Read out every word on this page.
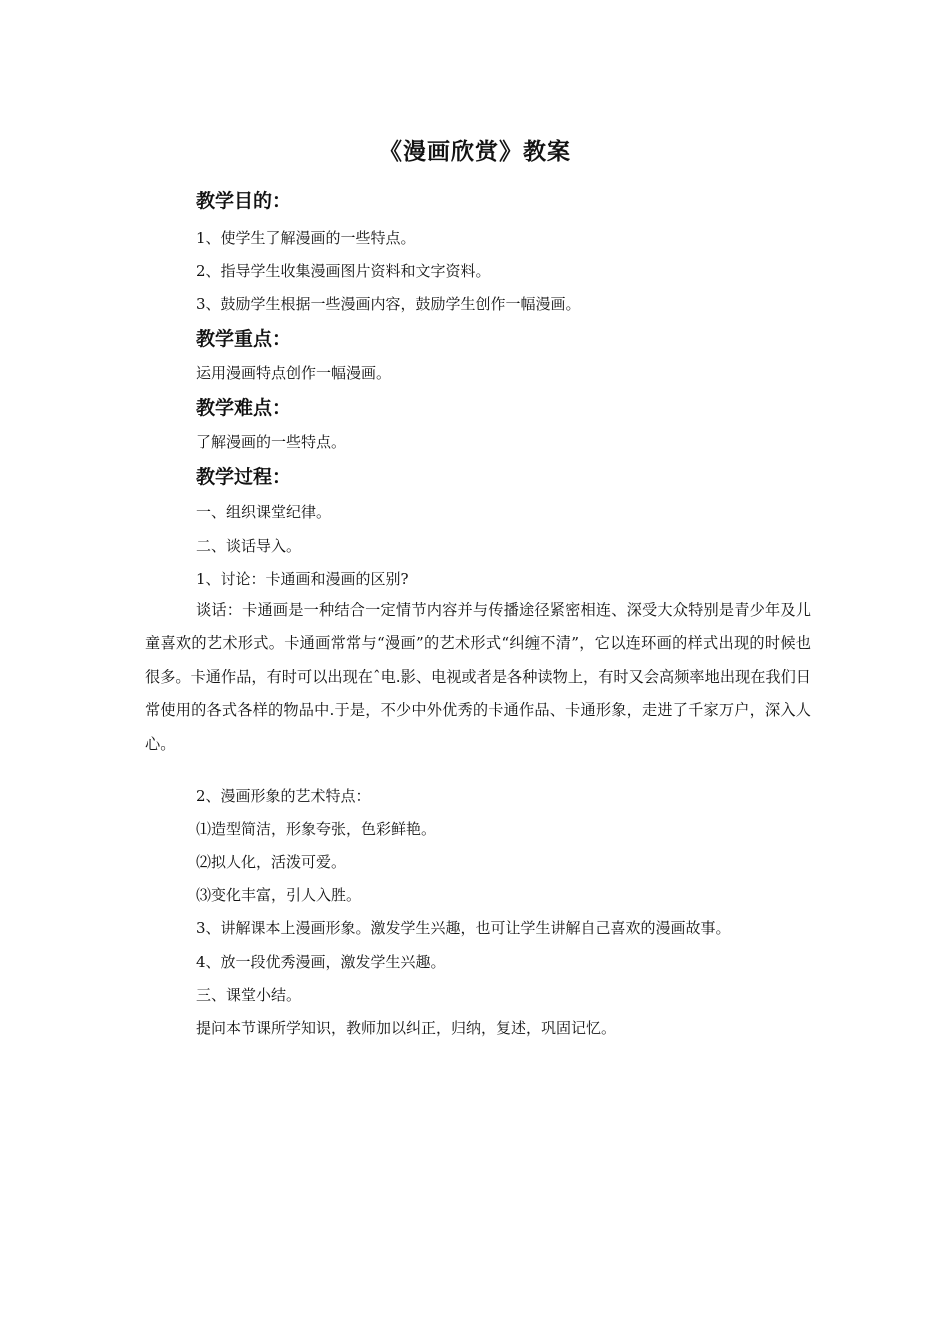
《漫画欣赏》教案
教学目的：
1、使学生了解漫画的一些特点。
2、指导学生收集漫画图片资料和文字资料。
3、鼓励学生根据一些漫画内容，鼓励学生创作一幅漫画。
教学重点：
运用漫画特点创作一幅漫画。
教学难点：
了解漫画的一些特点。
教学过程：
一、组织课堂纪律。
二、谈话导入。
1、讨论：卡通画和漫画的区别?
谈话：卡通画是一种结合一定情节内容并与传播途径紧密相连、深受大众特别是青少年及儿童喜欢的艺术形式。卡通画常常与“漫画”的艺术形式“纠缠不清”，它以连环画的样式出现的时候也很多。卡通作品，有时可以出现在ˆ电.影、电视或者是各种读物上，有时又会高频率地出现在我们日常使用的各式各样的物品中.于是，不少中外优秀的卡通作品、卡通形象，走进了千家万户，深入人心。
2、漫画形象的艺术特点：
⑴造型简洁，形象夸张，色彩鲜艳。
⑵拟人化，活泼可爱。
⑶变化丰富，引人入胜。
3、讲解课本上漫画形象。激发学生兴趣，也可让学生讲解自己喜欢的漫画故事。
4、放一段优秀漫画，激发学生兴趣。
三、课堂小结。
提问本节课所学知识，教师加以纠正，归纳，复述，巩固记忆。
